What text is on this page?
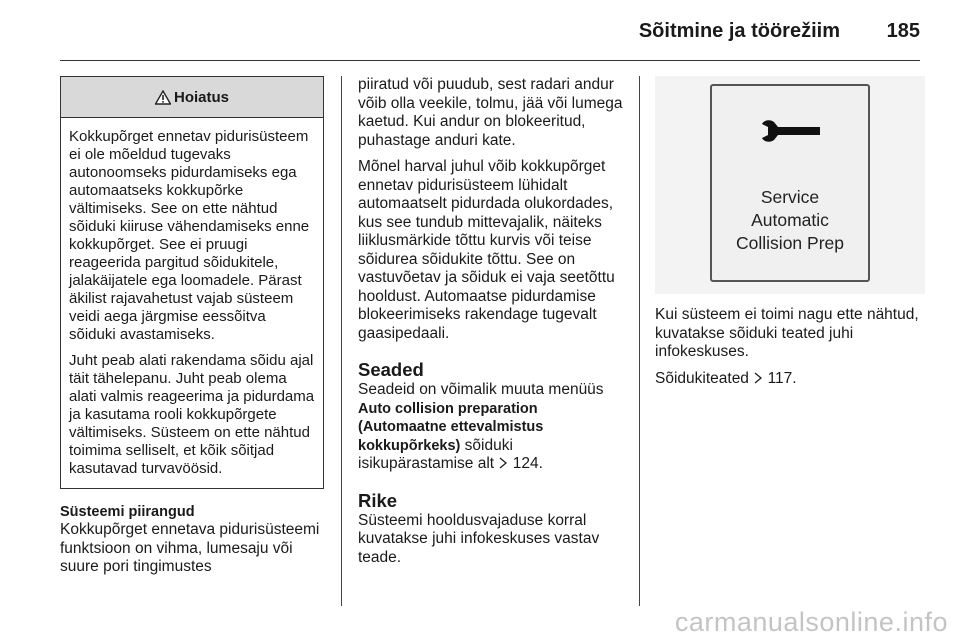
Sõitmine ja töörežiim 185
Hoiatus

Kokkupõrget ennetav pidurisüsteem ei ole mõeldud tugevaks autonoomseks pidurdamiseks ega automaatseks kokkupõrke vältimiseks. See on ette nähtud sõiduki kiiruse vähendamiseks enne kokkupõrget. See ei pruugi reageerida pargitud sõidukitele, jalakäijatele ega loomadele. Pärast äkilist rajavahetust vajab süsteem veidi aega järgmise eessõitva sõiduki avastamiseks.

Juht peab alati rakendama sõidu ajal täit tähelepanu. Juht peab olema alati valmis reageerima ja pidurdama ja kasutama rooli kokkupõrgete vältimiseks. Süsteem on ette nähtud toimima selliselt, et kõik sõitjad kasutavad turvavöösid.

Süsteemi piirangud

Kokkupõrget ennetava pidurisüsteemi funktsioon on vihma, lumesaju või suure pori tingimustes

piiratud või puudub, sest radari andur võib olla veekile, tolmu, jää või lumega kaetud. Kui andur on blokeeritud, puhastage anduri kate.

Mõnel harval juhul võib kokkupõrget ennetav pidurisüsteem lühidalt automaatselt pidurdada olukordades, kus see tundub mittevajalik, näiteks liiklusmärkide tõttu kurvis või teise sõidurea sõidukite tõttu. See on vastuvõetav ja sõiduk ei vaja seetõttu hooldust. Automaatse pidurdamise blokeerimiseks rakendage tugevalt gaasipedaali.

Seaded

Seadeid on võimalik muuta menüüs
Auto collision preparation (Automaatne ettevalmistus kokkupõrkeks) sõiduki isikupärastamise alt 124.

Rike

Süsteemi hooldusvajaduse korral kuvatakse juhi infokeskuses vastav teade.

Service
Automatic
Collision Prep

Kui süsteem ei toimi nagu ette nähtud, kuvatakse sõiduki teated juhi infokeskuses.

Sõidukiteated 117.

carmanualsonline.info
